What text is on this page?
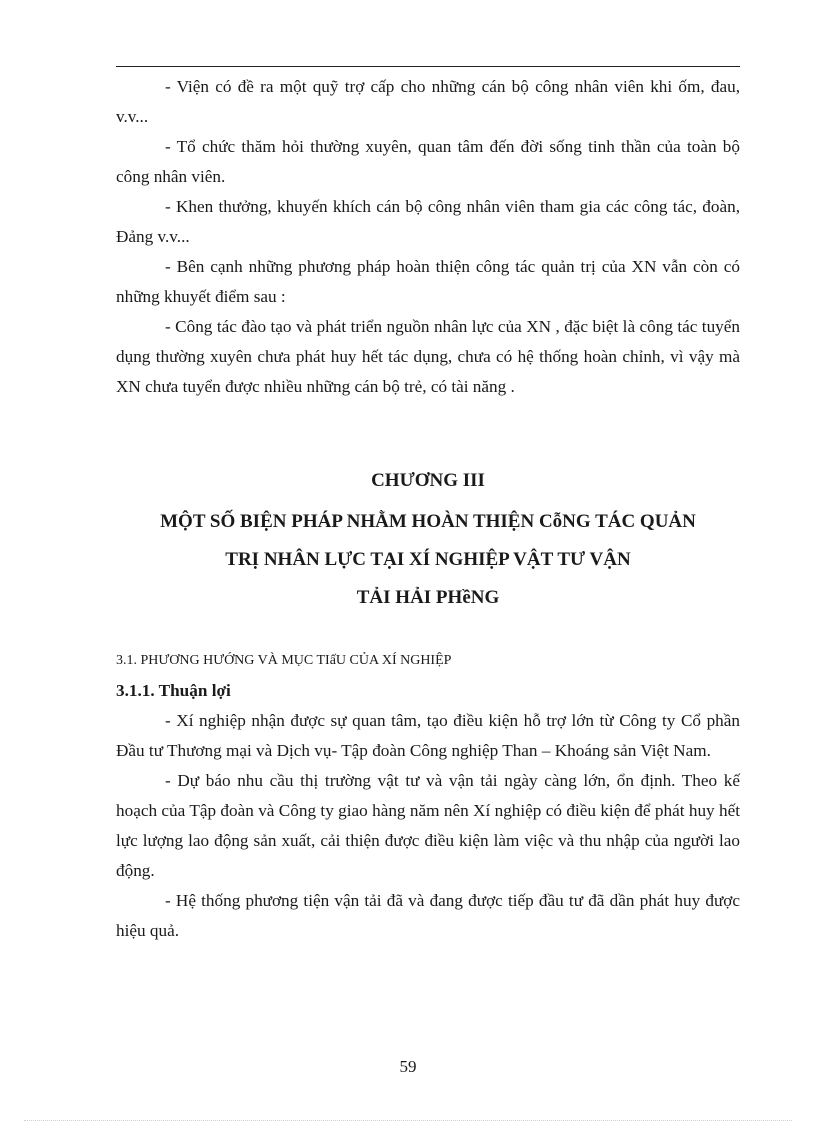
- Viện có đề ra một quỹ trợ cấp cho những cán bộ công nhân viên khi ốm, đau, v.v...

- Tổ chức thăm hỏi thường xuyên, quan tâm đến đời sống tinh thần của toàn bộ công nhân viên.

- Khen thưởng, khuyến khích cán bộ công nhân viên tham gia các công tác, đoàn, Đảng v.v...

- Bên cạnh những phương pháp hoàn thiện công tác quản trị của XN vẫn còn có những khuyết điểm sau :

- Công tác đào tạo và phát triển nguồn nhân lực của XN , đặc biệt là công tác tuyển dụng thường xuyên chưa phát huy hết tác dụng, chưa có hệ thống hoàn chỉnh, vì vậy mà XN chưa tuyển được nhiều những cán bộ trẻ, có tài năng .

CHƯƠNG III
MỘT SỐ BIỆN PHÁP NHẰM HOÀN THIỆN CỗNG TÁC QUẢN
TRỊ NHÂN LỰC TẠI XÍ NGHIỆP VẬT TƯ VẬN
TẢI HẢI PHềNG

3.1. PHƯƠNG HƯỚNG VÀ MỤC TIấU CỦA XÍ NGHIỆP

3.1.1. Thuận lợi

- Xí nghiệp nhận được sự quan tâm, tạo điều kiện hỗ trợ lớn từ Công ty Cổ phần Đầu tư Thương mại và Dịch vụ- Tập đoàn Công nghiệp Than – Khoáng sản Việt Nam.

- Dự báo nhu cầu thị trường vật tư và vận tải ngày càng lớn, ổn định. Theo kế hoạch của Tập đoàn và Công ty giao hàng năm nên Xí nghiệp có điều kiện để phát huy hết lực lượng lao động sản xuất, cải thiện được điều kiện làm việc và thu nhập của người lao động.

- Hệ thống phương tiện vận tải đã và đang được tiếp đầu tư đã dần phát huy được hiệu quả.

59
